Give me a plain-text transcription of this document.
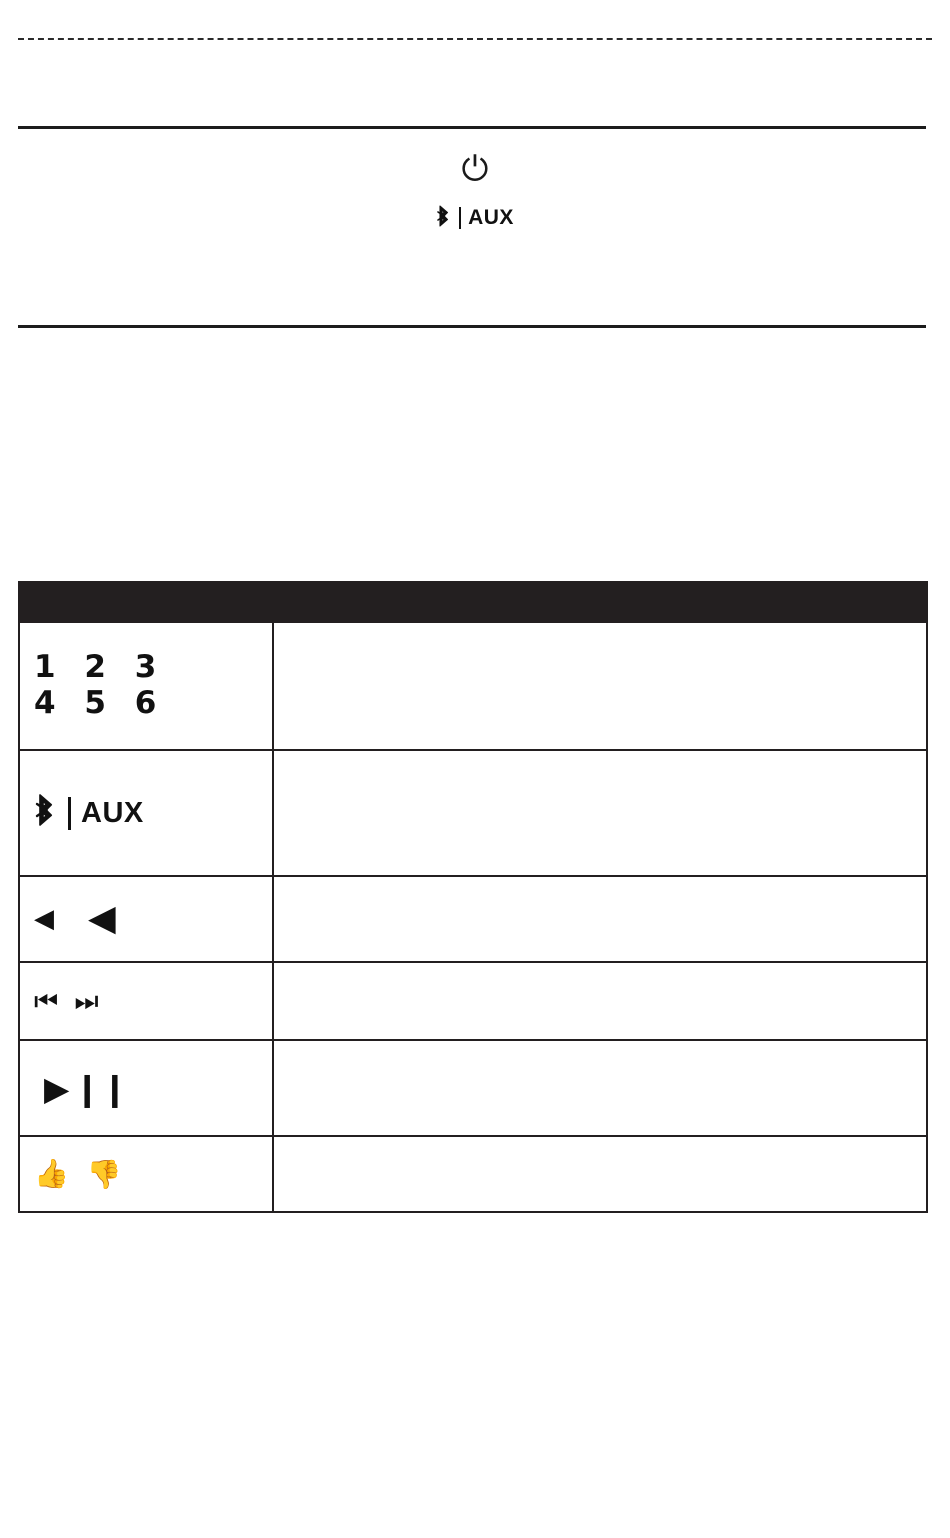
⏻
AUX

1 2 3
4 5 6	

AUX	

◀ ◀	

⏮ ⏭	

▶ ❙❙	

👍 👍	
